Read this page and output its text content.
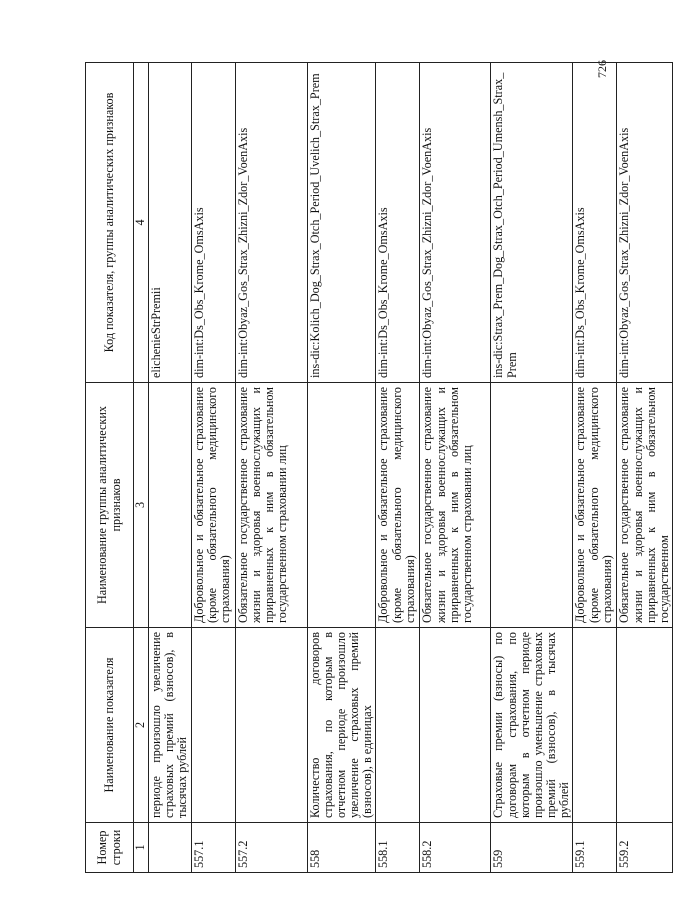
726
Номер строки	Наименование показателя	Наименование группы аналитических признаков	Код показателя, группы аналитических признаков
1	2	3	4
	периоде произошло увеличение страховых премий (взносов), в тысячах рублей		elichenieStrPremii
557.1		Добровольное и обязательное страхование (кроме обязательного медицинского страхования)	dim-int:Ds_Obs_Krome_OmsAxis
557.2		Обязательное государственное страхование жизни и здоровья военнослужащих и приравненных к ним в обязательном государственном страховании лиц	dim-int:Obyaz_Gos_Strax_Zhizni_Zdor_VoenAxis
558	Количество договоров страхования, по которым в отчетном периоде произошло увеличение страховых премий (взносов), в единицах		ins-dic:Kolich_Dog_Strax_Otch_Period_Uvelich_Strax_Prem
558.1		Добровольное и обязательное страхование (кроме обязательного медицинского страхования)	dim-int:Ds_Obs_Krome_OmsAxis
558.2		Обязательное государственное страхование жизни и здоровья военнослужащих и приравненных к ним в обязательном государственном страховании лиц	dim-int:Obyaz_Gos_Strax_Zhizni_Zdor_VoenAxis
559	Страховые премии (взносы) по договорам страхования, по которым в отчетном периоде произошло уменьшение страховых премий (взносов), в тысячах рублей		ins-dic:Strax_Prem_Dog_Strax_Otch_Period_Umensh_Strax_Prem
559.1		Добровольное и обязательное страхование (кроме обязательного медицинского страхования)	dim-int:Ds_Obs_Krome_OmsAxis
559.2		Обязательное государственное страхование жизни и здоровья военнослужащих и приравненных к ним в обязательном государственном	dim-int:Obyaz_Gos_Strax_Zhizni_Zdor_VoenAxis
